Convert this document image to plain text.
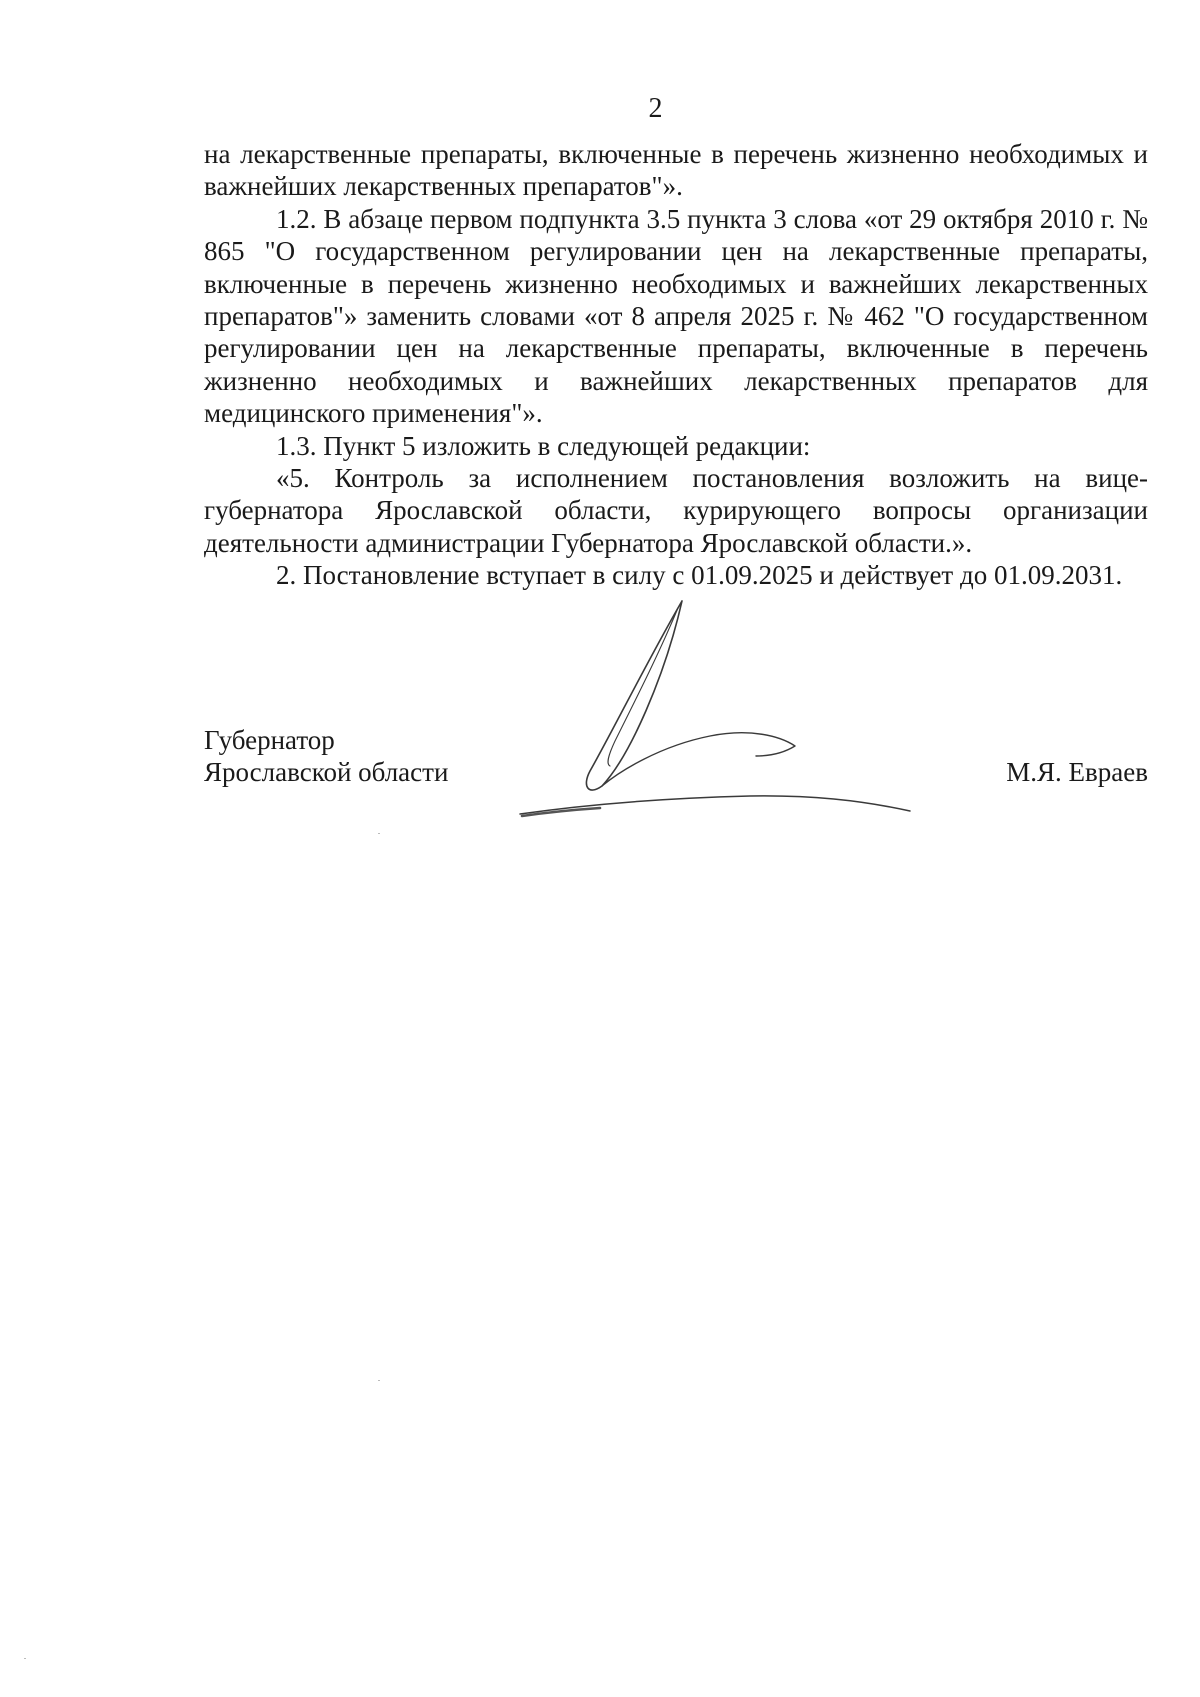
2

на лекарственные препараты, включенные в перечень жизненно необходимых и важнейших лекарственных препаратов"».

1.2. В абзаце первом подпункта 3.5 пункта 3 слова «от 29 октября 2010 г. № 865 "О государственном регулировании цен на лекарственные препараты, включенные в перечень жизненно необходимых и важнейших лекарственных препаратов"» заменить словами «от 8 апреля 2025 г. № 462 "О государственном регулировании цен на лекарственные препараты, включенные в перечень жизненно необходимых и важнейших лекарственных препаратов для медицинского применения"».

1.3. Пункт 5 изложить в следующей редакции:

«5. Контроль за исполнением постановления возложить на вице-губернатора Ярославской области, курирующего вопросы организации деятельности администрации Губернатора Ярославской области.».

2. Постановление вступает в силу с 01.09.2025 и действует до 01.09.2031.

Губернатор
Ярославской области	М.Я. Евраев
